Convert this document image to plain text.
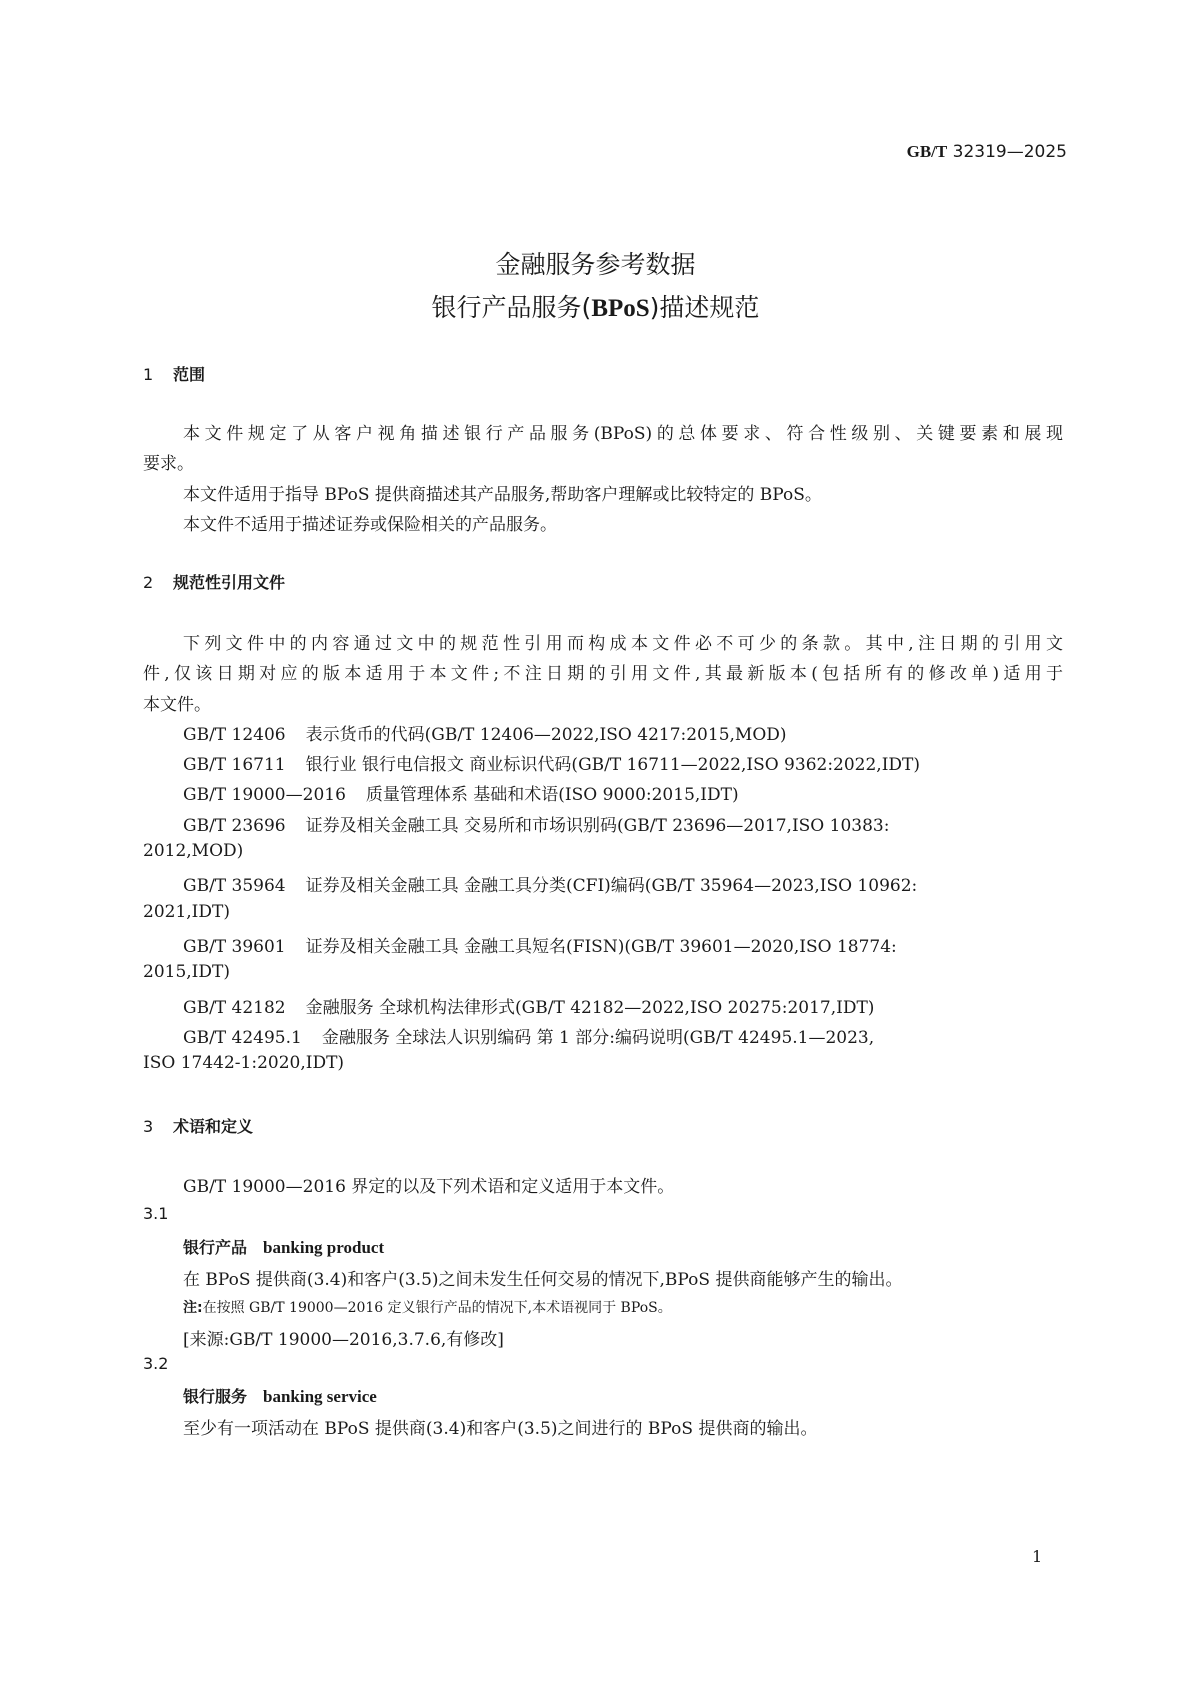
GB/T 32319—2025
金融服务参考数据
银行产品服务(BPoS)描述规范
1 范围
本文件规定了从客户视角描述银行产品服务(BPoS)的总体要求、符合性级别、关键要素和展现
要求。
本文件适用于指导 BPoS 提供商描述其产品服务,帮助客户理解或比较特定的 BPoS。
本文件不适用于描述证券或保险相关的产品服务。
2 规范性引用文件
下列文件中的内容通过文中的规范性引用而构成本文件必不可少的条款。其中,注日期的引用文
件,仅该日期对应的版本适用于本文件;不注日期的引用文件,其最新版本(包括所有的修改单)适用于
本文件。
GB/T 12406 表示货币的代码(GB/T 12406—2022,ISO 4217:2015,MOD)
GB/T 16711 银行业 银行电信报文 商业标识代码(GB/T 16711—2022,ISO 9362:2022,IDT)
GB/T 19000—2016 质量管理体系 基础和术语(ISO 9000:2015,IDT)
GB/T 23696 证券及相关金融工具 交易所和市场识别码(GB/T 23696—2017,ISO 10383:
2012,MOD)
GB/T 35964 证券及相关金融工具 金融工具分类(CFI)编码(GB/T 35964—2023,ISO 10962:
2021,IDT)
GB/T 39601 证券及相关金融工具 金融工具短名(FISN)(GB/T 39601—2020,ISO 18774:
2015,IDT)
GB/T 42182 金融服务 全球机构法律形式(GB/T 42182—2022,ISO 20275:2017,IDT)
GB/T 42495.1 金融服务 全球法人识别编码 第 1 部分:编码说明(GB/T 42495.1—2023,
ISO 17442-1:2020,IDT)
3 术语和定义
GB/T 19000—2016 界定的以及下列术语和定义适用于本文件。
3.1
银行产品 banking product
在 BPoS 提供商(3.4)和客户(3.5)之间未发生任何交易的情况下,BPoS 提供商能够产生的输出。
注:在按照 GB/T 19000—2016 定义银行产品的情况下,本术语视同于 BPoS。
[来源:GB/T 19000—2016,3.7.6,有修改]
3.2
银行服务 banking service
至少有一项活动在 BPoS 提供商(3.4)和客户(3.5)之间进行的 BPoS 提供商的输出。
1
